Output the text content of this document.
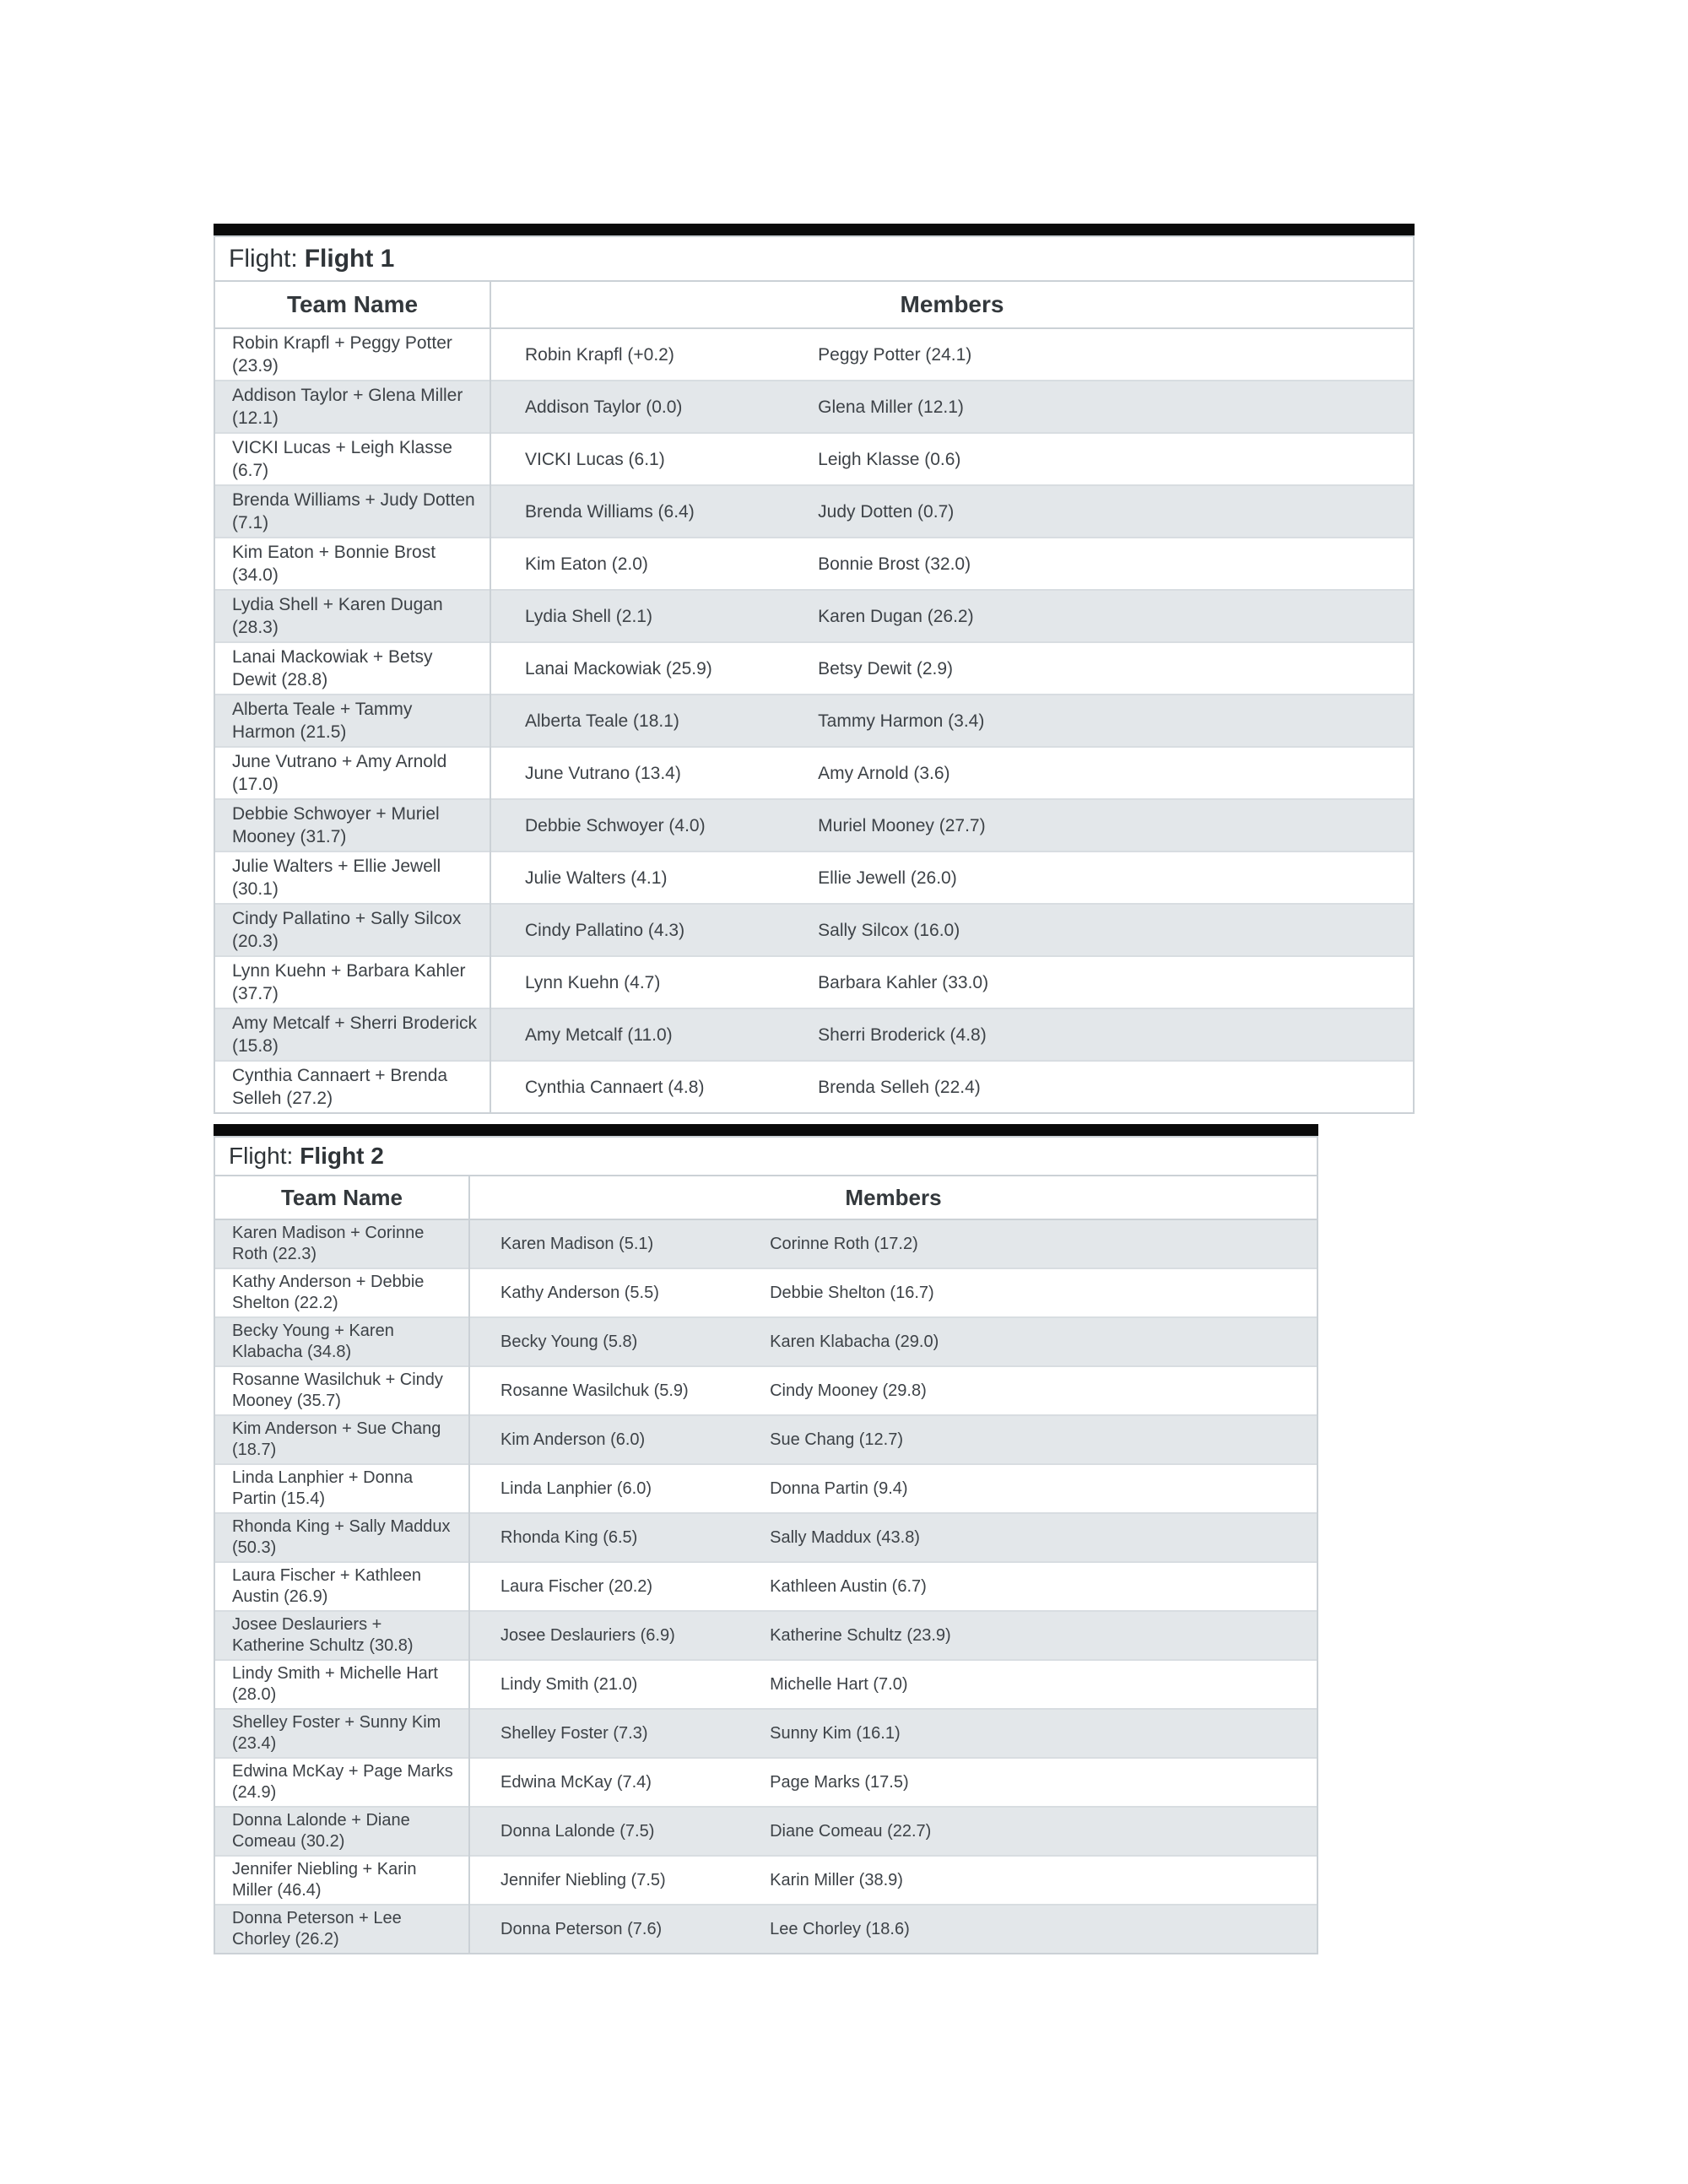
Flight: Flight 1
Team Name	Members
Robin Krapfl + Peggy Potter (23.9)	Robin Krapfl (+0.2) Peggy Potter (24.1)

Addison Taylor + Glena Miller (12.1)	Addison Taylor (0.0) Glena Miller (12.1)

VICKI Lucas + Leigh Klasse (6.7)	VICKI Lucas (6.1) Leigh Klasse (0.6)

Brenda Williams + Judy Dotten (7.1)	Brenda Williams (6.4) Judy Dotten (0.7)

Kim Eaton + Bonnie Brost (34.0)	Kim Eaton (2.0) Bonnie Brost (32.0)

Lydia Shell + Karen Dugan (28.3)	Lydia Shell (2.1) Karen Dugan (26.2)

Lanai Mackowiak + Betsy Dewit (28.8)	Lanai Mackowiak (25.9) Betsy Dewit (2.9)

Alberta Teale + Tammy Harmon (21.5)	Alberta Teale (18.1) Tammy Harmon (3.4)

June Vutrano + Amy Arnold (17.0)	June Vutrano (13.4) Amy Arnold (3.6)

Debbie Schwoyer + Muriel Mooney (31.7)	Debbie Schwoyer (4.0) Muriel Mooney (27.7)

Julie Walters + Ellie Jewell (30.1)	Julie Walters (4.1) Ellie Jewell (26.0)

Cindy Pallatino + Sally Silcox (20.3)	Cindy Pallatino (4.3) Sally Silcox (16.0)

Lynn Kuehn + Barbara Kahler (37.7)	Lynn Kuehn (4.7) Barbara Kahler (33.0)

Amy Metcalf + Sherri Broderick (15.8)	Amy Metcalf (11.0) Sherri Broderick (4.8)

Cynthia Cannaert + Brenda Selleh (27.2)	Cynthia Cannaert (4.8) Brenda Selleh (22.4)
Flight: Flight 2
Team Name	Members
Karen Madison + Corinne Roth (22.3)	Karen Madison (5.1) Corinne Roth (17.2)

Kathy Anderson + Debbie Shelton (22.2)	Kathy Anderson (5.5) Debbie Shelton (16.7)

Becky Young + Karen Klabacha (34.8)	Becky Young (5.8) Karen Klabacha (29.0)

Rosanne Wasilchuk + Cindy Mooney (35.7)	Rosanne Wasilchuk (5.9) Cindy Mooney (29.8)

Kim Anderson + Sue Chang (18.7)	Kim Anderson (6.0) Sue Chang (12.7)

Linda Lanphier + Donna Partin (15.4)	Linda Lanphier (6.0) Donna Partin (9.4)

Rhonda King + Sally Maddux (50.3)	Rhonda King (6.5) Sally Maddux (43.8)

Laura Fischer + Kathleen Austin (26.9)	Laura Fischer (20.2) Kathleen Austin (6.7)

Josee Deslauriers + Katherine Schultz (30.8)	Josee Deslauriers (6.9) Katherine Schultz (23.9)

Lindy Smith + Michelle Hart (28.0)	Lindy Smith (21.0) Michelle Hart (7.0)

Shelley Foster + Sunny Kim (23.4)	Shelley Foster (7.3) Sunny Kim (16.1)

Edwina McKay + Page Marks (24.9)	Edwina McKay (7.4) Page Marks (17.5)

Donna Lalonde + Diane Comeau (30.2)	Donna Lalonde (7.5) Diane Comeau (22.7)

Jennifer Niebling + Karin Miller (46.4)	Jennifer Niebling (7.5) Karin Miller (38.9)

Donna Peterson + Lee Chorley (26.2)	Donna Peterson (7.6) Lee Chorley (18.6)
